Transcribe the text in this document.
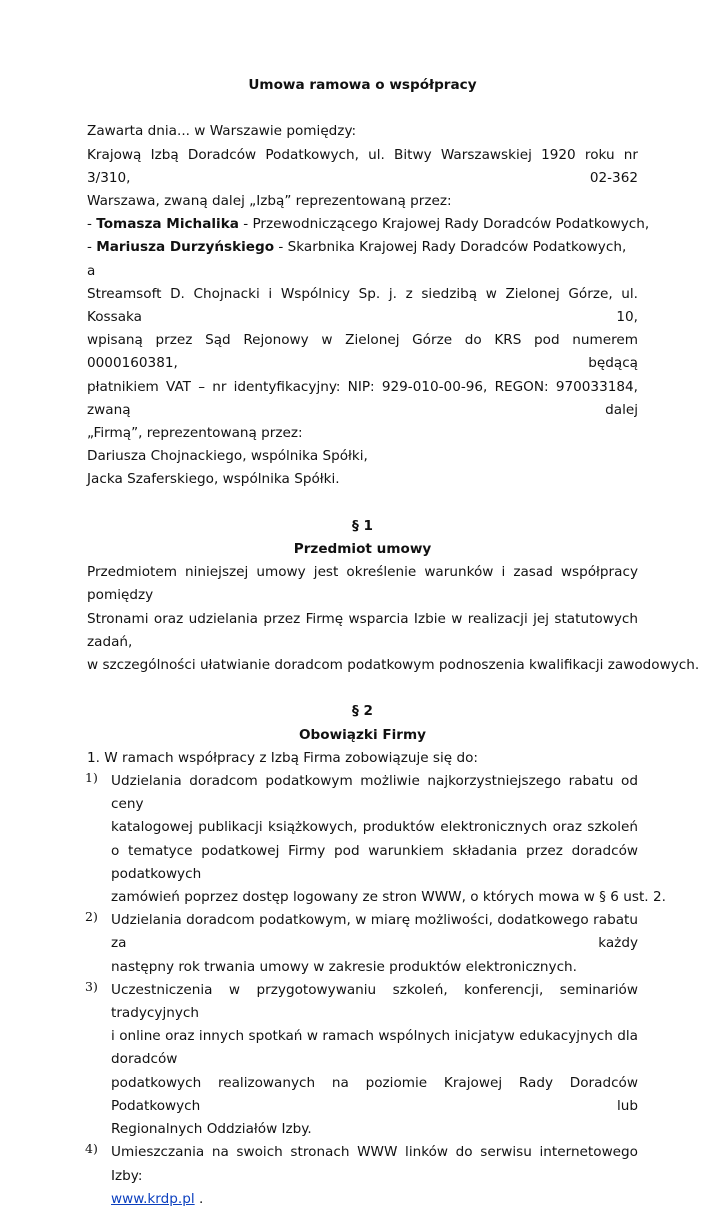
Umowa ramowa o współpracy
Zawarta dnia... w Warszawie pomiędzy:
Krajową Izbą Doradców Podatkowych, ul. Bitwy Warszawskiej 1920 roku nr 3/310, 02-362
Warszawa, zwaną dalej „Izbą” reprezentowaną przez:
- Tomasza Michalika - Przewodniczącego Krajowej Rady Doradców Podatkowych,
- Mariusza Durzyńskiego - Skarbnika Krajowej Rady Doradców Podatkowych,
a
Streamsoft D. Chojnacki i Wspólnicy Sp. j. z siedzibą w Zielonej Górze, ul. Kossaka 10,
wpisaną przez Sąd Rejonowy w Zielonej Górze do KRS pod numerem 0000160381, będącą
płatnikiem VAT – nr identyfikacyjny: NIP: 929-010-00-96, REGON: 970033184, zwaną dalej
„Firmą”, reprezentowaną przez:
Dariusza Chojnackiego, wspólnika Spółki,
Jacka Szaferskiego, wspólnika Spółki.
§ 1
Przedmiot umowy
Przedmiotem niniejszej umowy jest określenie warunków i zasad współpracy pomiędzy
Stronami oraz udzielania przez Firmę wsparcia Izbie w realizacji jej statutowych zadań,
w szczególności ułatwianie doradcom podatkowym podnoszenia kwalifikacji zawodowych.
§ 2
Obowiązki Firmy
1. W ramach współpracy z Izbą Firma zobowiązuje się do:
1) Udzielania doradcom podatkowym możliwie najkorzystniejszego rabatu od ceny
katalogowej publikacji książkowych, produktów elektronicznych oraz szkoleń
o tematyce podatkowej Firmy pod warunkiem składania przez doradców podatkowych
zamówień poprzez dostęp logowany ze stron WWW, o których mowa w § 6 ust. 2.
2) Udzielania doradcom podatkowym, w miarę możliwości, dodatkowego rabatu za każdy
następny rok trwania umowy w zakresie produktów elektronicznych.
3) Uczestniczenia w przygotowywaniu szkoleń, konferencji, seminariów tradycyjnych
i online oraz innych spotkań w ramach wspólnych inicjatyw edukacyjnych dla doradców
podatkowych realizowanych na poziomie Krajowej Rady Doradców Podatkowych lub
Regionalnych Oddziałów Izby.
4) Umieszczania na swoich stronach WWW linków do serwisu internetowego Izby:
www.krdp.pl .
